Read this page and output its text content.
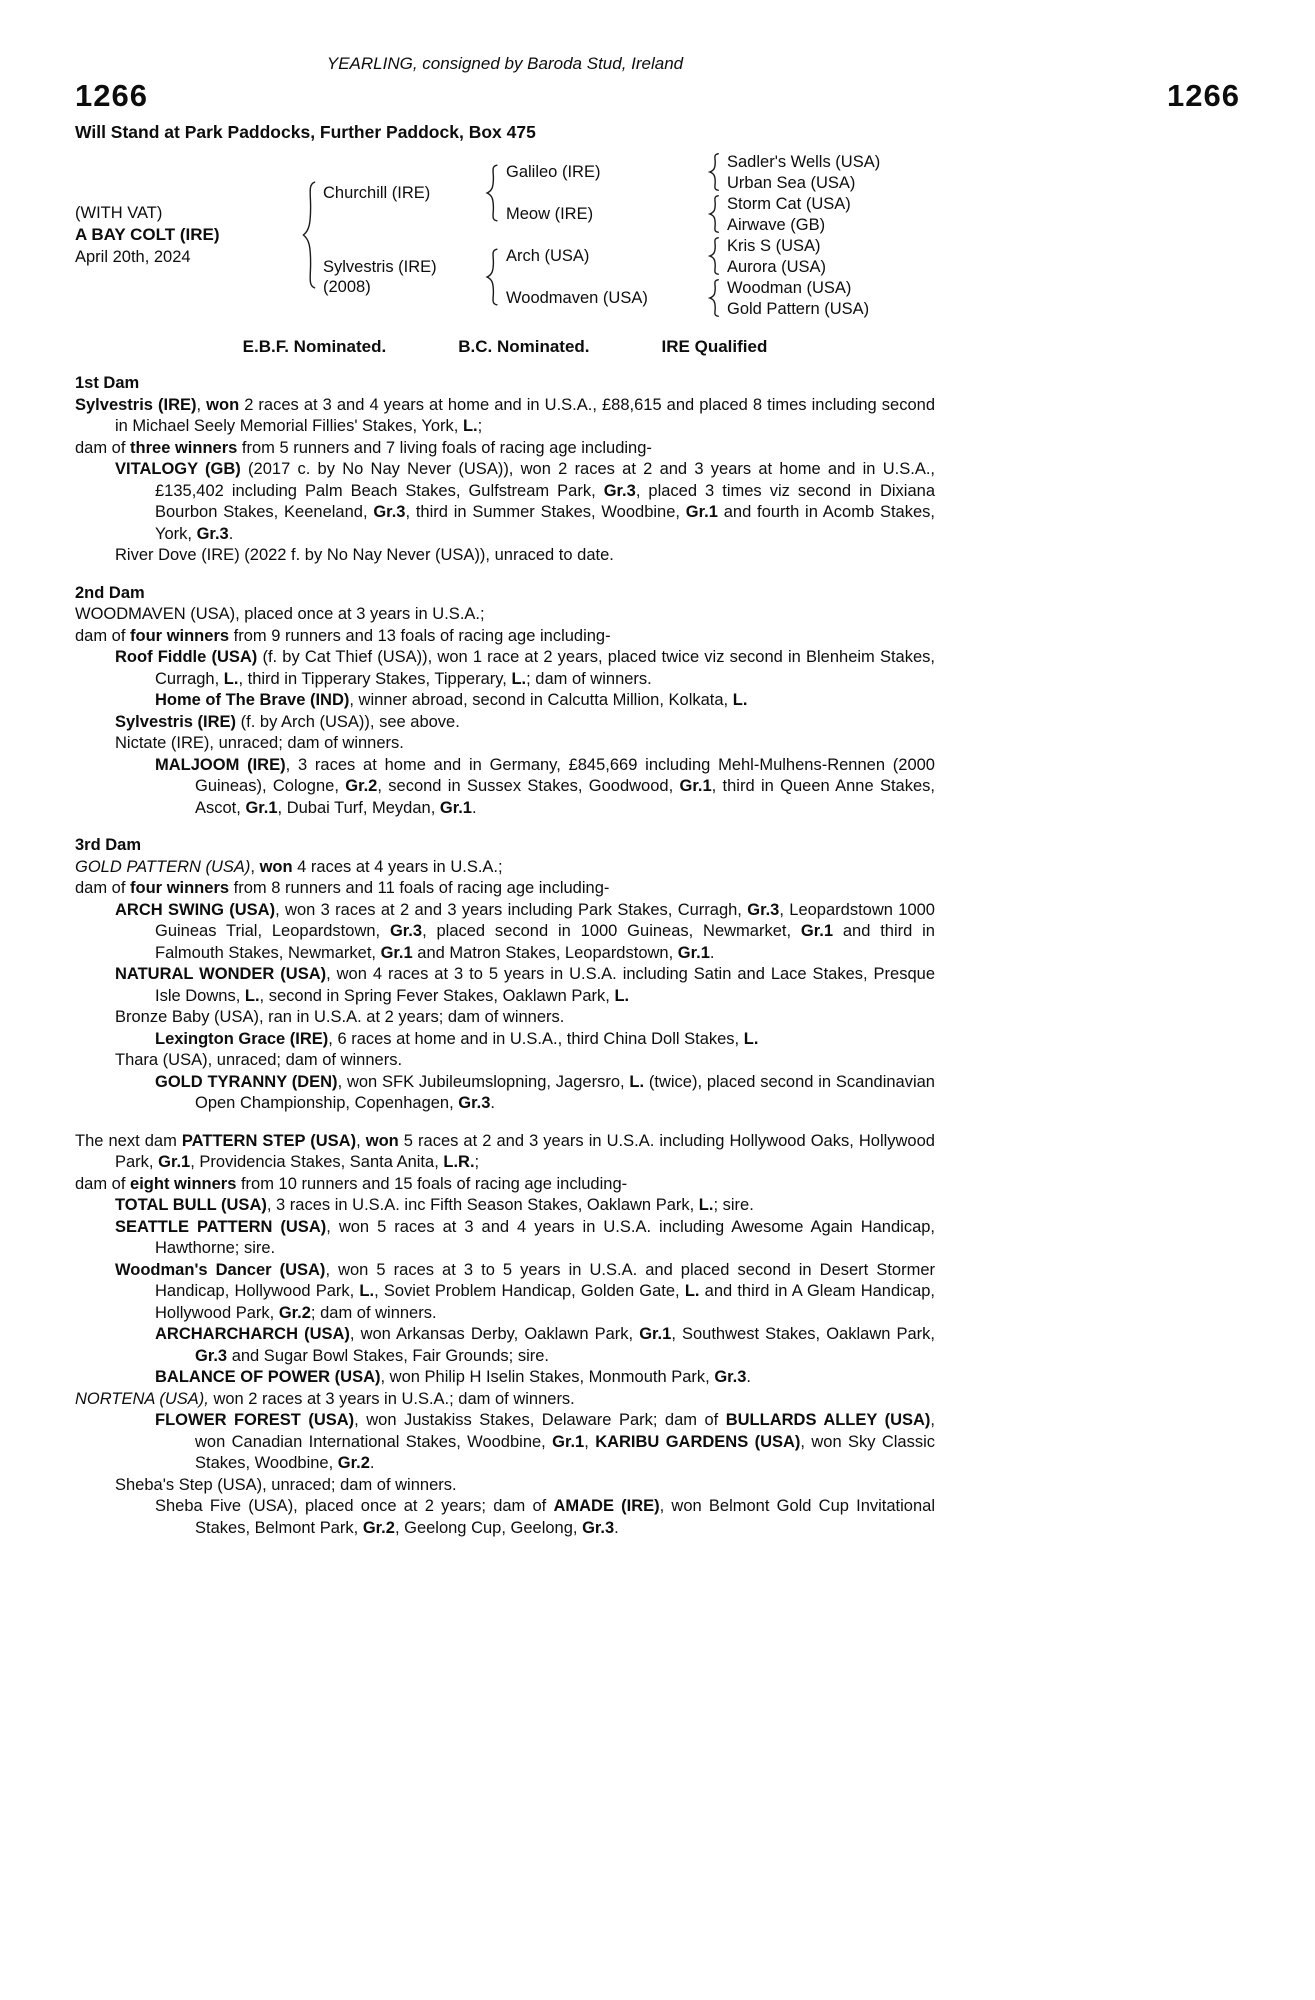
YEARLING, consigned by Baroda Stud, Ireland
1266	1266
Will Stand at Park Paddocks, Further Paddock, Box 475
(WITH VAT)
A BAY COLT (IRE)
April 20th, 2024
Churchill (IRE)
Sylvestris (IRE)
(2008)
Galileo (IRE)
Meow (IRE)
Arch (USA)
Woodmaven (USA)
Sadler's Wells (USA)
Urban Sea (USA)
Storm Cat (USA)
Airwave (GB)
Kris S (USA)
Aurora (USA)
Woodman (USA)
Gold Pattern (USA)
E.B.F. Nominated.	B.C. Nominated.	IRE Qualified
1st Dam
Sylvestris (IRE), won 2 races at 3 and 4 years at home and in U.S.A., £88,615 and placed 8 times including second in Michael Seely Memorial Fillies' Stakes, York, L.;
dam of three winners from 5 runners and 7 living foals of racing age including-
VITALOGY (GB) (2017 c. by No Nay Never (USA)), won 2 races at 2 and 3 years at home and in U.S.A., £135,402 including Palm Beach Stakes, Gulfstream Park, Gr.3, placed 3 times viz second in Dixiana Bourbon Stakes, Keeneland, Gr.3, third in Summer Stakes, Woodbine, Gr.1 and fourth in Acomb Stakes, York, Gr.3.
River Dove (IRE) (2022 f. by No Nay Never (USA)), unraced to date.
2nd Dam
WOODMAVEN (USA), placed once at 3 years in U.S.A.;
dam of four winners from 9 runners and 13 foals of racing age including-
Roof Fiddle (USA) (f. by Cat Thief (USA)), won 1 race at 2 years, placed twice viz second in Blenheim Stakes, Curragh, L., third in Tipperary Stakes, Tipperary, L.; dam of winners.
Home of The Brave (IND), winner abroad, second in Calcutta Million, Kolkata, L.
Sylvestris (IRE) (f. by Arch (USA)), see above.
Nictate (IRE), unraced; dam of winners.
MALJOOM (IRE), 3 races at home and in Germany, £845,669 including Mehl-Mulhens-Rennen (2000 Guineas), Cologne, Gr.2, second in Sussex Stakes, Goodwood, Gr.1, third in Queen Anne Stakes, Ascot, Gr.1, Dubai Turf, Meydan, Gr.1.
3rd Dam
GOLD PATTERN (USA), won 4 races at 4 years in U.S.A.;
dam of four winners from 8 runners and 11 foals of racing age including-
ARCH SWING (USA), won 3 races at 2 and 3 years including Park Stakes, Curragh, Gr.3, Leopardstown 1000 Guineas Trial, Leopardstown, Gr.3, placed second in 1000 Guineas, Newmarket, Gr.1 and third in Falmouth Stakes, Newmarket, Gr.1 and Matron Stakes, Leopardstown, Gr.1.
NATURAL WONDER (USA), won 4 races at 3 to 5 years in U.S.A. including Satin and Lace Stakes, Presque Isle Downs, L., second in Spring Fever Stakes, Oaklawn Park, L.
Bronze Baby (USA), ran in U.S.A. at 2 years; dam of winners.
Lexington Grace (IRE), 6 races at home and in U.S.A., third China Doll Stakes, L.
Thara (USA), unraced; dam of winners.
GOLD TYRANNY (DEN), won SFK Jubileumslopning, Jagersro, L. (twice), placed second in Scandinavian Open Championship, Copenhagen, Gr.3.
The next dam PATTERN STEP (USA), won 5 races at 2 and 3 years in U.S.A. including Hollywood Oaks, Hollywood Park, Gr.1, Providencia Stakes, Santa Anita, L.R.;
dam of eight winners from 10 runners and 15 foals of racing age including-
TOTAL BULL (USA), 3 races in U.S.A. inc Fifth Season Stakes, Oaklawn Park, L.; sire.
SEATTLE PATTERN (USA), won 5 races at 3 and 4 years in U.S.A. including Awesome Again Handicap, Hawthorne; sire.
Woodman's Dancer (USA), won 5 races at 3 to 5 years in U.S.A. and placed second in Desert Stormer Handicap, Hollywood Park, L., Soviet Problem Handicap, Golden Gate, L. and third in A Gleam Handicap, Hollywood Park, Gr.2; dam of winners.
ARCHARCHARCH (USA), won Arkansas Derby, Oaklawn Park, Gr.1, Southwest Stakes, Oaklawn Park, Gr.3 and Sugar Bowl Stakes, Fair Grounds; sire.
BALANCE OF POWER (USA), won Philip H Iselin Stakes, Monmouth Park, Gr.3.
NORTENA (USA), won 2 races at 3 years in U.S.A.; dam of winners.
FLOWER FOREST (USA), won Justakiss Stakes, Delaware Park; dam of BULLARDS ALLEY (USA), won Canadian International Stakes, Woodbine, Gr.1, KARIBU GARDENS (USA), won Sky Classic Stakes, Woodbine, Gr.2.
Sheba's Step (USA), unraced; dam of winners.
Sheba Five (USA), placed once at 2 years; dam of AMADE (IRE), won Belmont Gold Cup Invitational Stakes, Belmont Park, Gr.2, Geelong Cup, Geelong, Gr.3.
